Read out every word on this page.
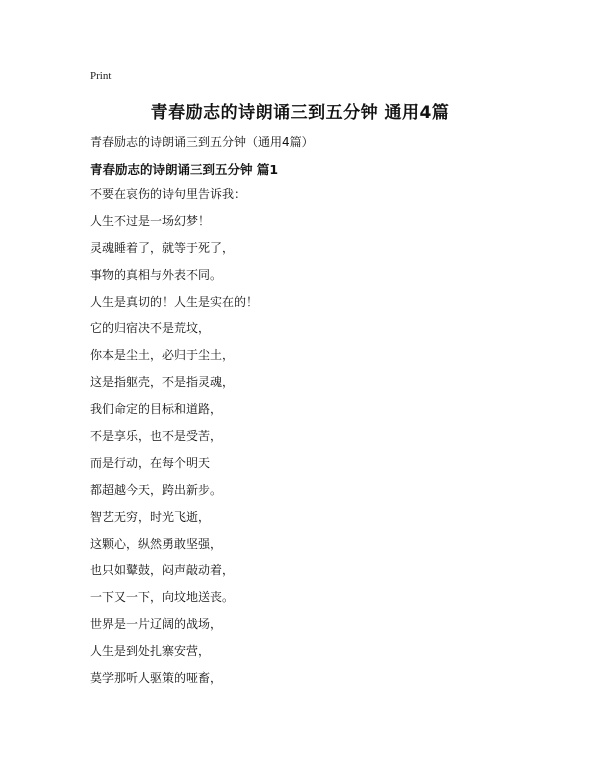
Print
青春励志的诗朗诵三到五分钟 通用4篇
青春励志的诗朗诵三到五分钟（通用4篇）
青春励志的诗朗诵三到五分钟 篇1
不要在哀伤的诗句里告诉我：
人生不过是一场幻梦！
灵魂睡着了，就等于死了，
事物的真相与外表不同。
人生是真切的！人生是实在的！
它的归宿决不是荒坟，
你本是尘土，必归于尘土，
这是指躯壳，不是指灵魂，
我们命定的目标和道路，
不是享乐，也不是受苦，
而是行动，在每个明天
都超越今天，跨出新步。
智艺无穷，时光飞逝，
这颗心，纵然勇敢坚强，
也只如鼙鼓，闷声敲动着，
一下又一下，向坟地送丧。
世界是一片辽阔的战场，
人生是到处扎寨安营，
莫学那听人驱策的哑畜，
